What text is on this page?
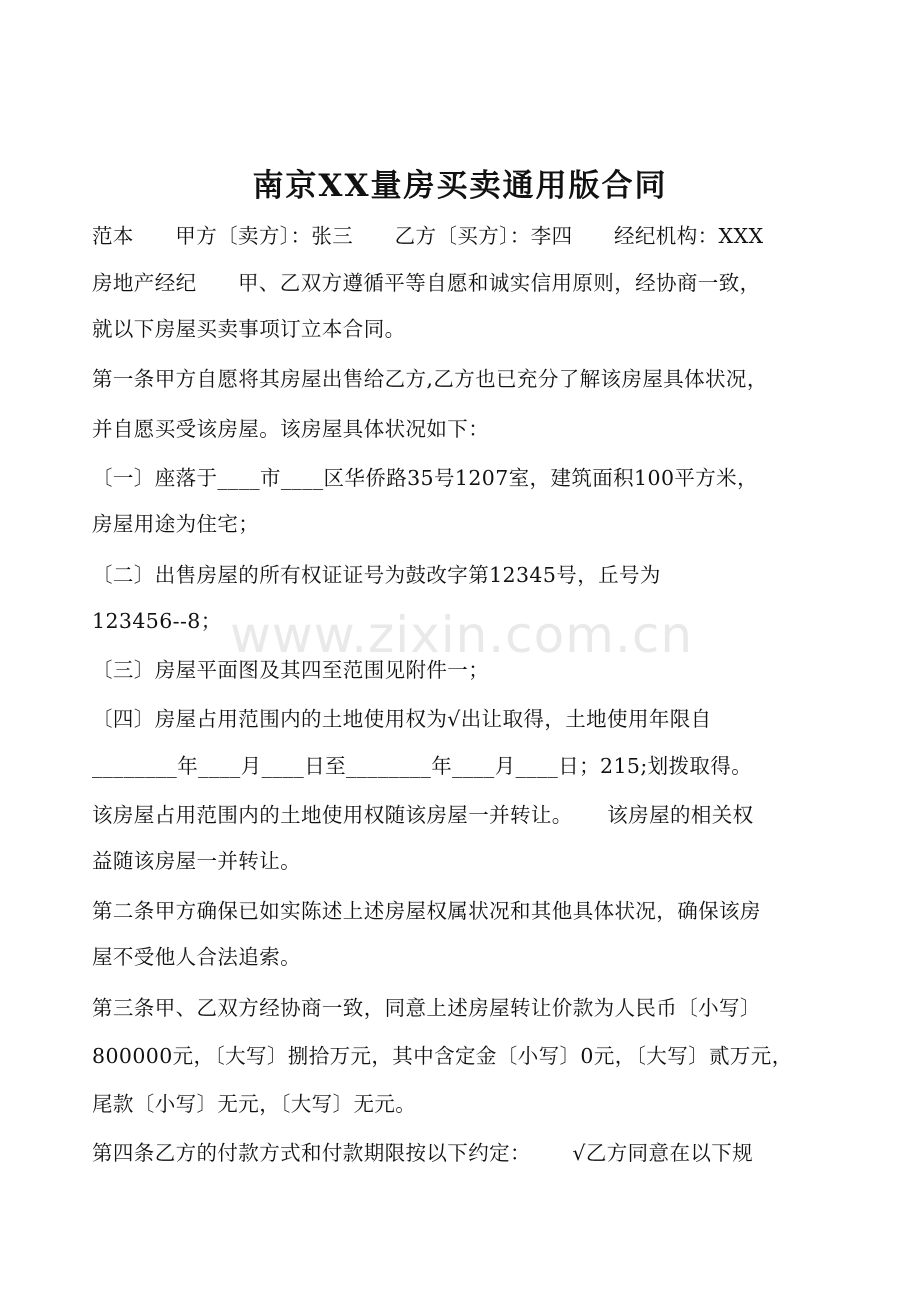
南京XX量房买卖通用版合同
www.zixin.com.cn
范本      甲方〔卖方〕：张三      乙方〔买方〕：李四      经纪机构：XXX
房地产经纪      甲、乙双方遵循平等自愿和诚实信用原则，经协商一致，
就以下房屋买卖事项订立本合同。
第一条甲方自愿将其房屋出售给乙方,乙方也已充分了解该房屋具体状况，
并自愿买受该房屋。该房屋具体状况如下：
〔一〕座落于____市____区华侨路35号1207室，建筑面积100平方米，
房屋用途为住宅；
〔二〕出售房屋的所有权证证号为鼓改字第12345号，丘号为
123456--8；
〔三〕房屋平面图及其四至范围见附件一；
〔四〕房屋占用范围内的土地使用权为√出让取得，土地使用年限自
________年____月____日至________年____月____日；215;划拨取得。
该房屋占用范围内的土地使用权随该房屋一并转让。     该房屋的相关权
益随该房屋一并转让。
第二条甲方确保已如实陈述上述房屋权属状况和其他具体状况，确保该房
屋不受他人合法追索。
第三条甲、乙双方经协商一致，同意上述房屋转让价款为人民币〔小写〕
800000元，〔大写〕捌拾万元，其中含定金〔小写〕0元，〔大写〕贰万元，
尾款〔小写〕无元，〔大写〕无元。
第四条乙方的付款方式和付款期限按以下约定：      √乙方同意在以下规
